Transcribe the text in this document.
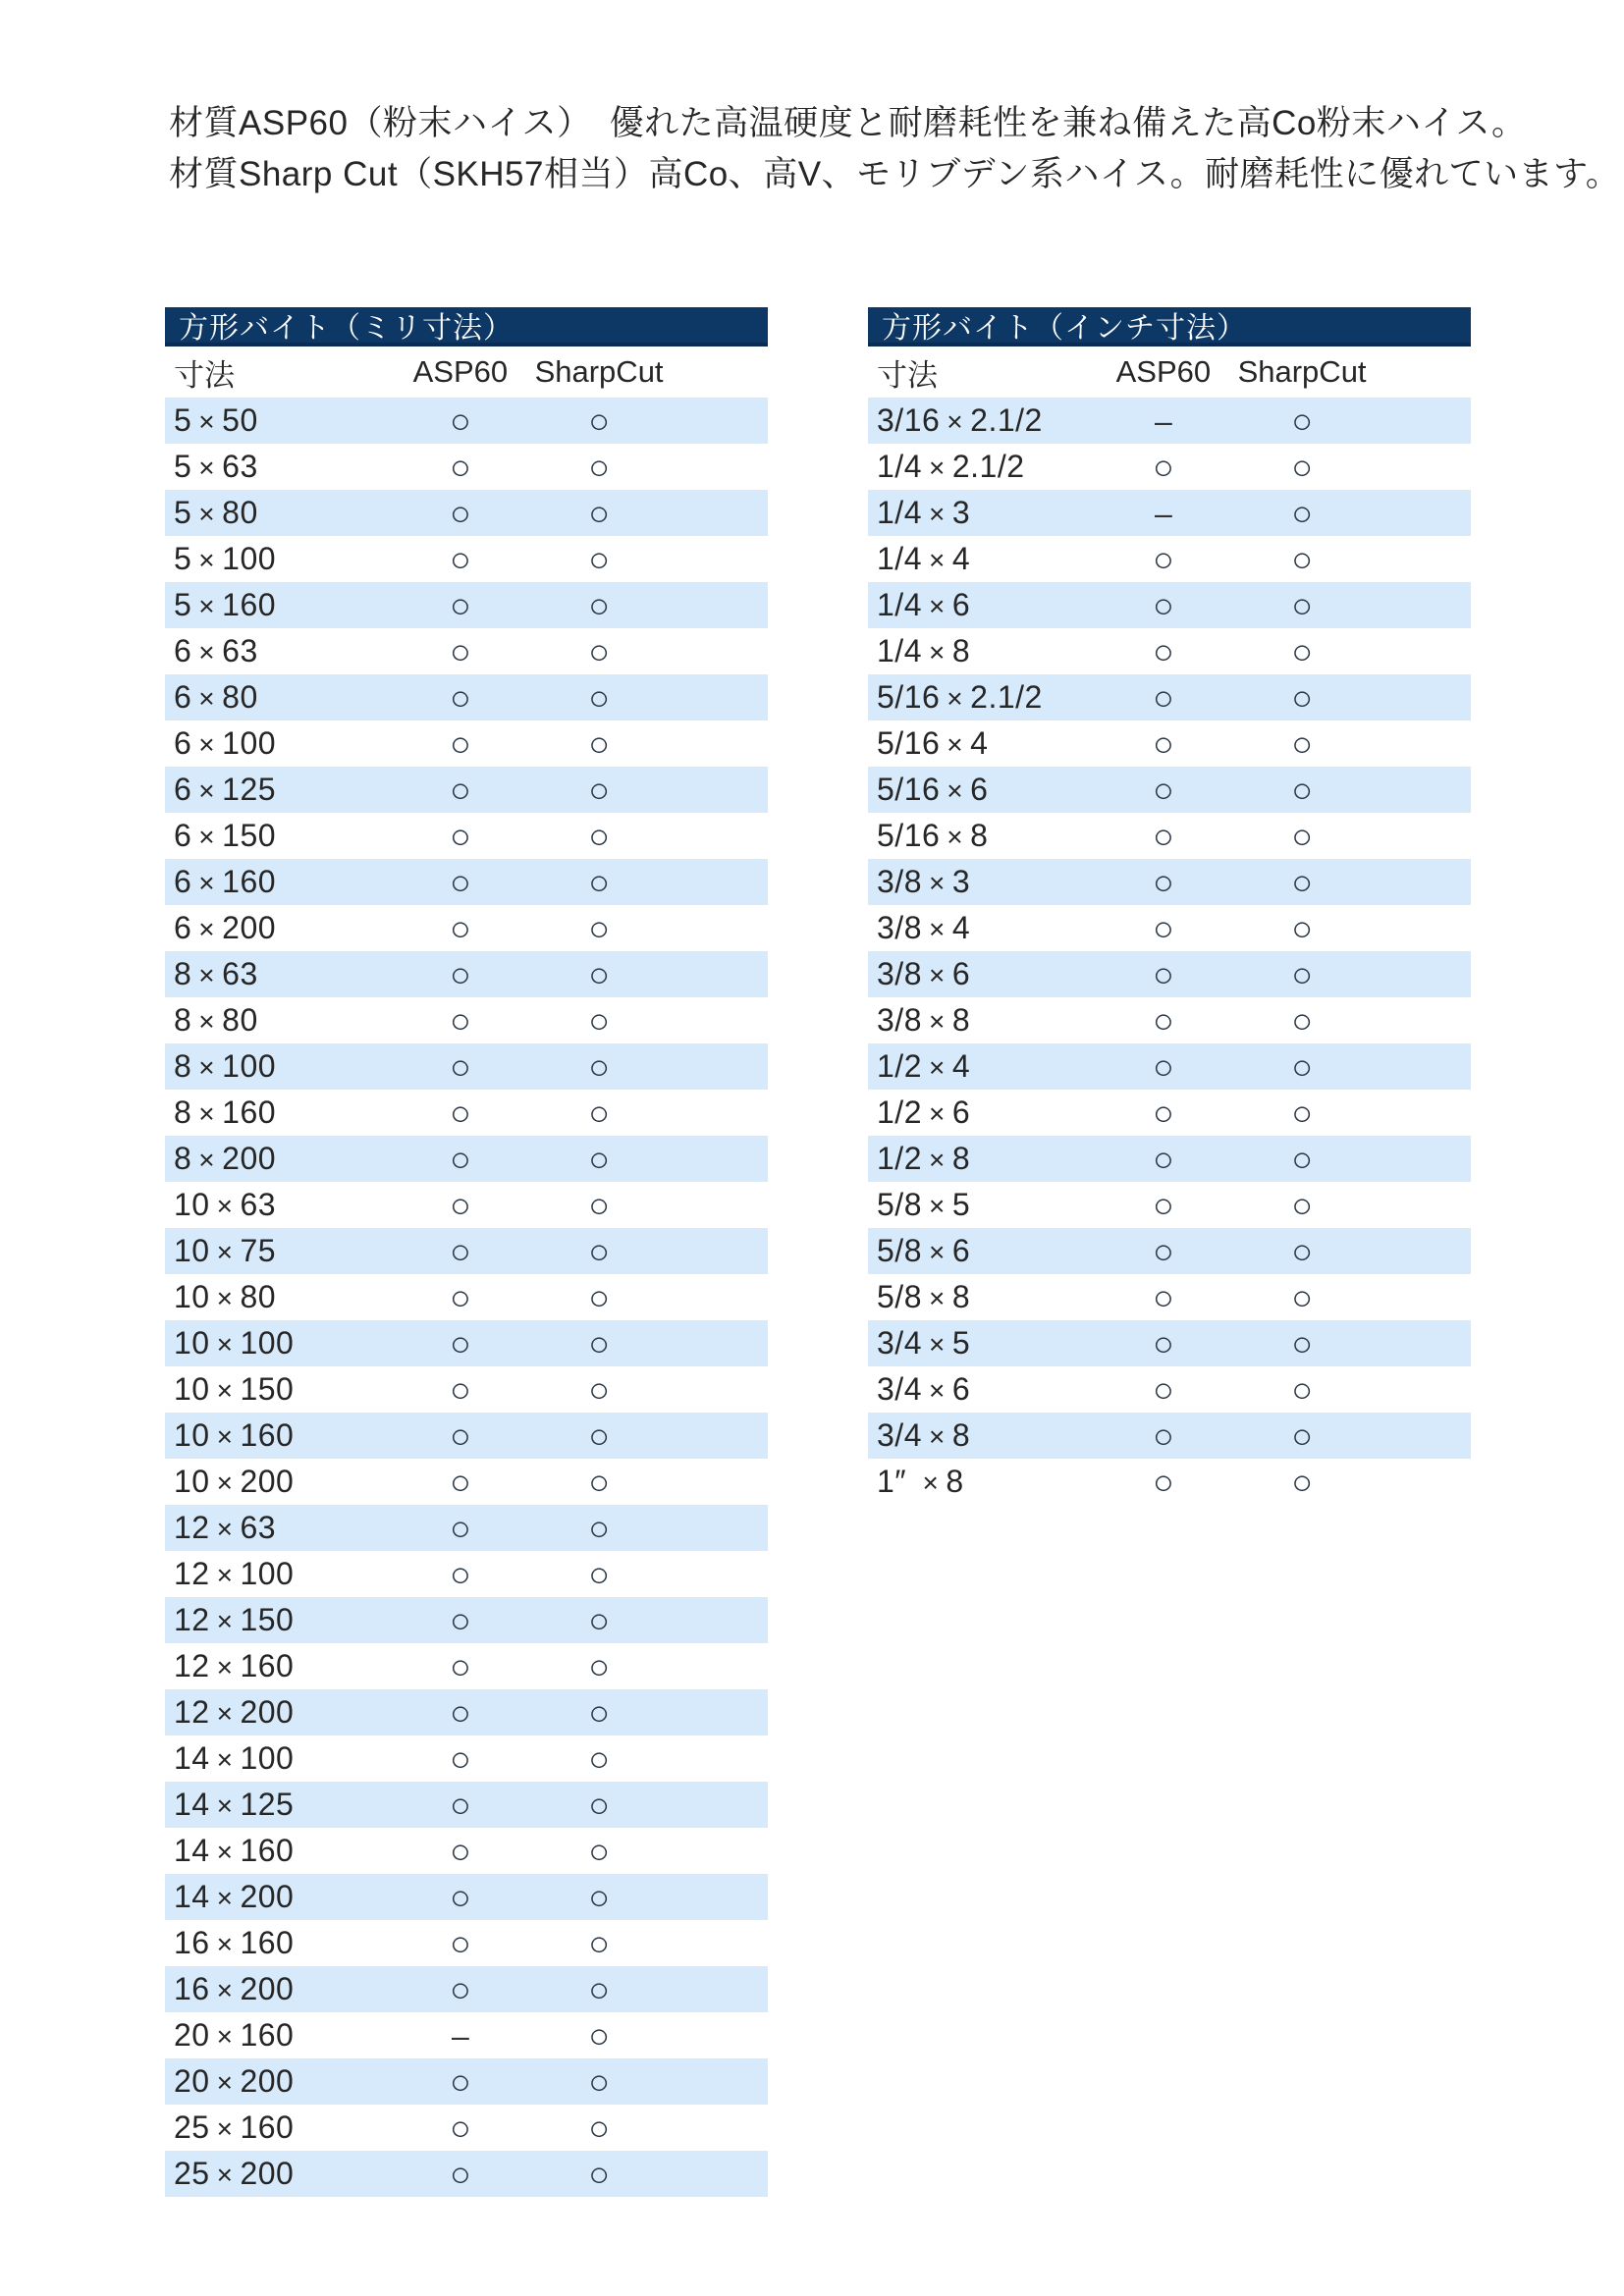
材質ASP60（粉末ハイス）　優れた高温硬度と耐磨耗性を兼ね備えた高Co粉末ハイス。

材質Sharp Cut（SKH57相当）高Co、高V、モリブデン系ハイス。耐磨耗性に優れています。

方形バイト（ミリ寸法）
寸法	ASP60 SharpCut
5 × 50	○	○
5 × 63	○	○
5 × 80	○	○
5 × 100	○	○
5 × 160	○	○
6 × 63	○	○
6 × 80	○	○
6 × 100	○	○
6 × 125	○	○
6 × 150	○	○
6 × 160	○	○
6 × 200	○	○
8 × 63	○	○
8 × 80	○	○
8 × 100	○	○
8 × 160	○	○
8 × 200	○	○
10 × 63	○	○
10 × 75	○	○
10 × 80	○	○
10 × 100	○	○
10 × 150	○	○
10 × 160	○	○
10 × 200	○	○
12 × 63	○	○
12 × 100	○	○
12 × 150	○	○
12 × 160	○	○
12 × 200	○	○
14 × 100	○	○
14 × 125	○	○
14 × 160	○	○
14 × 200	○	○
16 × 160	○	○
16 × 200	○	○
20 × 160	–	○
20 × 200	○	○
25 × 160	○	○
25 × 200	○	○
方形バイト（インチ寸法）
寸法	ASP60 SharpCut
3/16 × 2.1/2	–	○
1/4 × 2.1/2	○	○
1/4 × 3	–	○
1/4 × 4	○	○
1/4 × 6	○	○
1/4 × 8	○	○
5/16 × 2.1/2	○	○
5/16 × 4	○	○
5/16 × 6	○	○
5/16 × 8	○	○
3/8 × 3	○	○
3/8 × 4	○	○
3/8 × 6	○	○
3/8 × 8	○	○
1/2 × 4	○	○
1/2 × 6	○	○
1/2 × 8	○	○
5/8 × 5	○	○
5/8 × 6	○	○
5/8 × 8	○	○
3/4 × 5	○	○
3/4 × 6	○	○
3/4 × 8	○	○
1″ × 8	○	○
